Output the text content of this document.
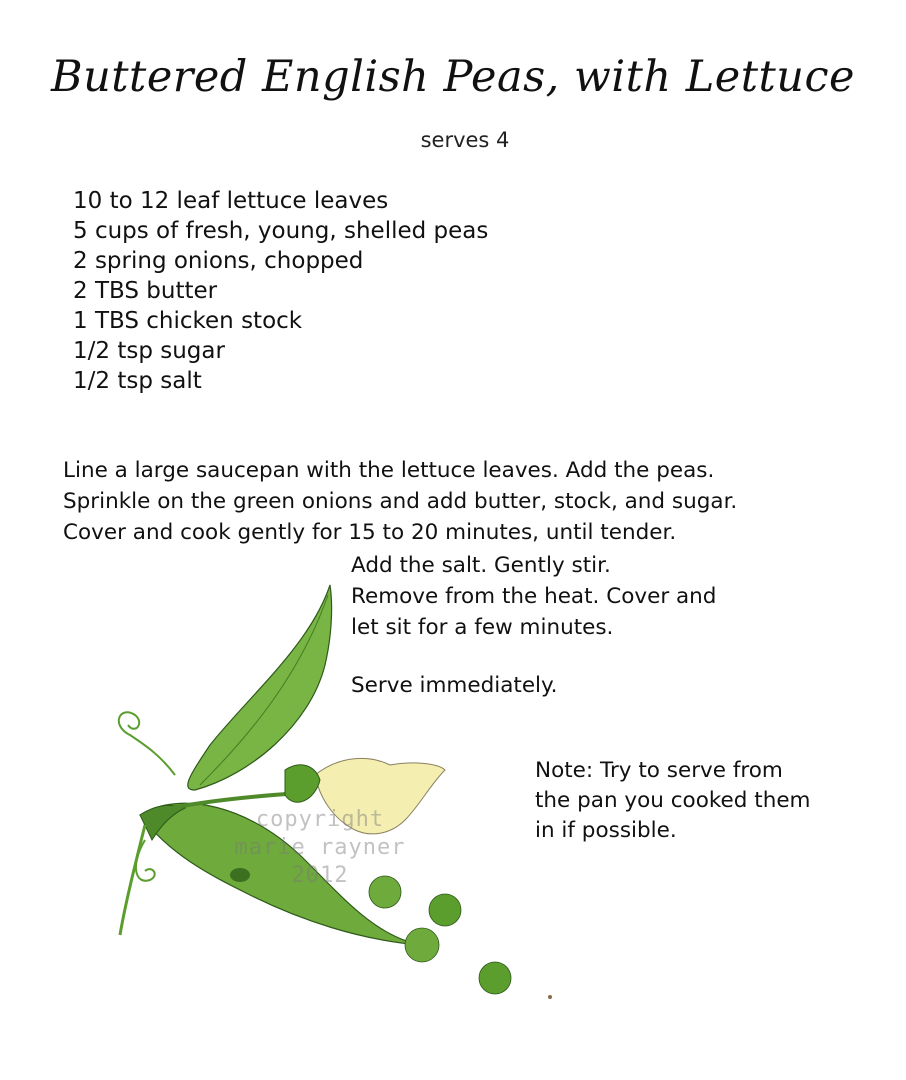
Buttered English Peas, with Lettuce
serves 4
10 to 12 leaf lettuce leaves
5 cups of fresh, young, shelled peas
2 spring onions, chopped
2 TBS butter
1 TBS chicken stock
1/2 tsp sugar
1/2 tsp salt
Line a large saucepan with the lettuce leaves. Add the peas.
Sprinkle on the green onions and add butter, stock, and sugar.
Cover and cook gently for 15 to 20 minutes, until tender.
Add the salt. Gently stir.
Remove from the heat. Cover and
let sit for a few minutes.
Serve immediately.
Note: Try to serve from
the pan you cooked them
in if possible.
copyright
marie rayner
2012
